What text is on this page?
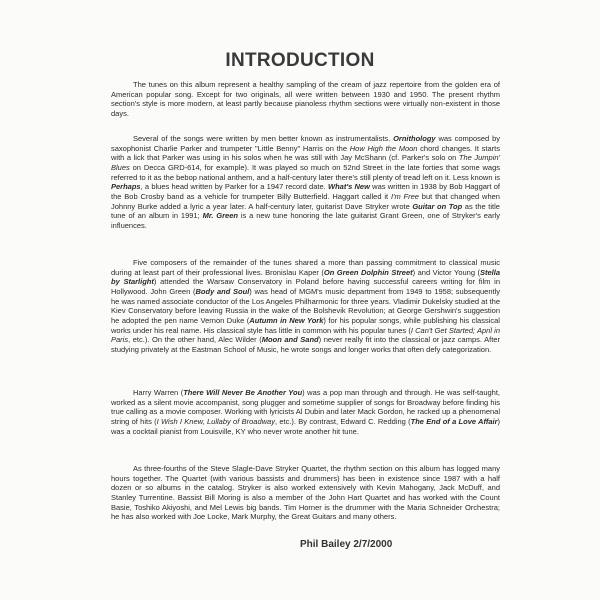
INTRODUCTION

The tunes on this album represent a healthy sampling of the cream of jazz repertoire from the golden era of American popular song. Except for two originals, all were written between 1930 and 1950. The present rhythm section's style is more modern, at least partly because pianoless rhythm sections were virtually non-existent in those days.

Several of the songs were written by men better known as instrumentalists. Ornithology was composed by saxophonist Charlie Parker and trumpeter "Little Benny" Harris on the How High the Moon chord changes. It starts with a lick that Parker was using in his solos when he was still with Jay McShann (cf. Parker's solo on The Jumpin' Blues on Decca GRD-614, for example). It was played so much on 52nd Street in the late forties that some wags referred to it as the bebop national anthem, and a half-century later there's still plenty of tread left on it. Less known is Perhaps, a blues head written by Parker for a 1947 record date. What's New was written in 1938 by Bob Haggart of the Bob Crosby band as a vehicle for trumpeter Billy Butterfield. Haggart called it I'm Free but that changed when Johnny Burke added a lyric a year later. A half-century later, guitarist Dave Stryker wrote Guitar on Top as the title tune of an album in 1991; Mr. Green is a new tune honoring the late guitarist Grant Green, one of Stryker's early influences.

Five composers of the remainder of the tunes shared a more than passing commitment to classical music during at least part of their professional lives. Bronislau Kaper (On Green Dolphin Street) and Victor Young (Stella by Starlight) attended the Warsaw Conservatory in Poland before having successful careers writing for film in Hollywood. John Green (Body and Soul) was head of MGM's music department from 1949 to 1958; subsequently he was named associate conductor of the Los Angeles Philharmonic for three years. Vladimir Dukelsky studied at the Kiev Conservatory before leaving Russia in the wake of the Bolshevik Revolution; at George Gershwin's suggestion he adopted the pen name Vernon Duke (Autumn in New York) for his popular songs, while publishing his classical works under his real name. His classical style has little in common with his popular tunes (I Can't Get Started; April in Paris, etc.). On the other hand, Alec Wilder (Moon and Sand) never really fit into the classical or jazz camps. After studying privately at the Eastman School of Music, he wrote songs and longer works that often defy categorization.

Harry Warren (There Will Never Be Another You) was a pop man through and through. He was self-taught, worked as a silent movie accompanist, song plugger and sometime supplier of songs for Broadway before finding his true calling as a movie composer. Working with lyricists Al Dubin and later Mack Gordon, he racked up a phenomenal string of hits (I Wish I Knew, Lullaby of Broadway, etc.). By contrast, Edward C. Redding (The End of a Love Affair) was a cocktail pianist from Louisville, KY who never wrote another hit tune.

As three-fourths of the Steve Slagle-Dave Stryker Quartet, the rhythm section on this album has logged many hours together. The Quartet (with various bassists and drummers) has been in existence since 1987 with a half dozen or so albums in the catalog. Stryker is also worked extensively with Kevin Mahogany, Jack McDuff, and Stanley Turrentine. Bassist Bill Moring is also a member of the John Hart Quartet and has worked with the Count Basie, Toshiko Akiyoshi, and Mel Lewis big bands. Tim Horner is the drummer with the Maria Schneider Orchestra; he has also worked with Joe Locke, Mark Murphy, the Great Guitars and many others.

Phil Bailey 2/7/2000
